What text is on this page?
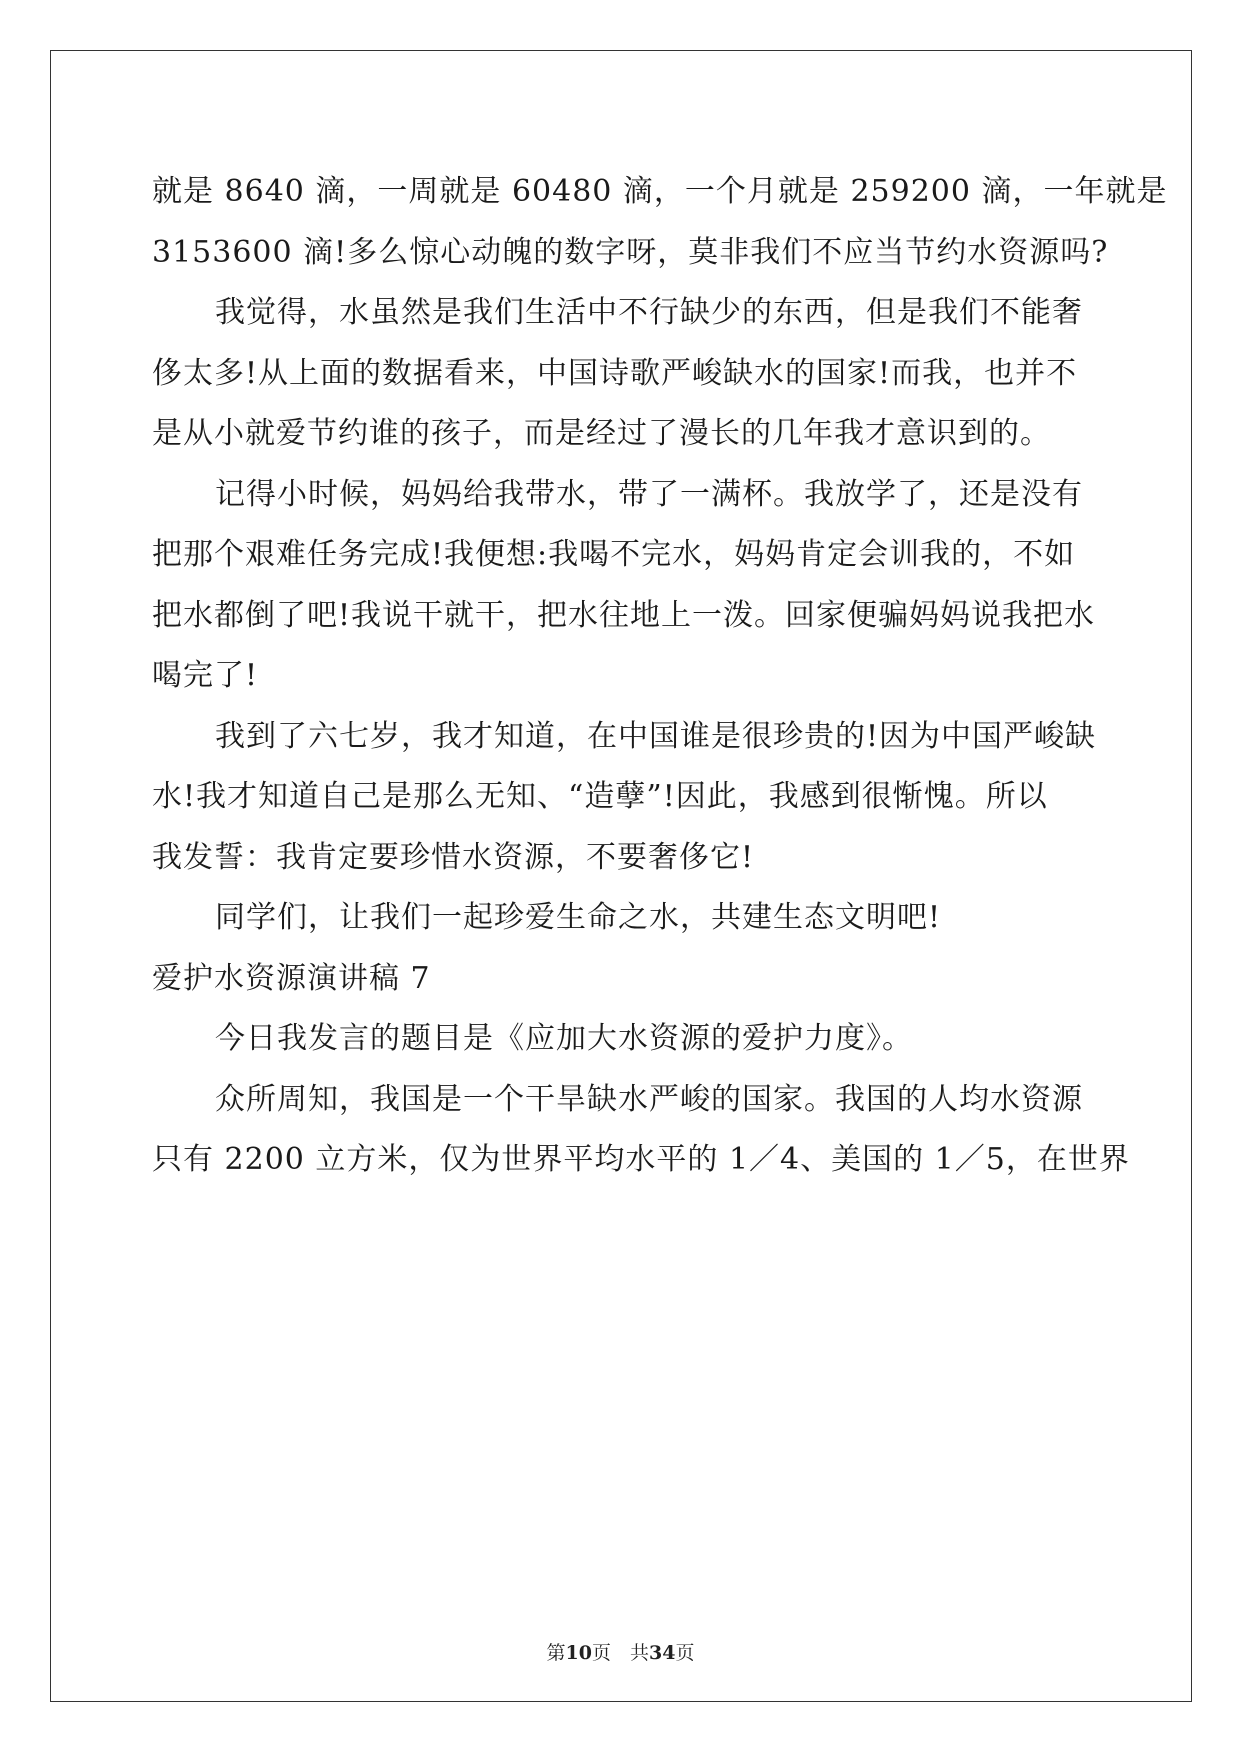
就是 8640 滴，一周就是 60480 滴，一个月就是 259200 滴，一年就是
3153600 滴!多么惊心动魄的数字呀，莫非我们不应当节约水资源吗?
我觉得，水虽然是我们生活中不行缺少的东西，但是我们不能奢
侈太多!从上面的数据看来，中国诗歌严峻缺水的国家!而我，也并不
是从小就爱节约谁的孩子，而是经过了漫长的几年我才意识到的。
记得小时候，妈妈给我带水，带了一满杯。我放学了，还是没有
把那个艰难任务完成!我便想:我喝不完水，妈妈肯定会训我的，不如
把水都倒了吧!我说干就干，把水往地上一泼。回家便骗妈妈说我把水
喝完了!
我到了六七岁，我才知道，在中国谁是很珍贵的!因为中国严峻缺
水!我才知道自己是那么无知、“造孽”!因此，我感到很惭愧。所以
我发誓：我肯定要珍惜水资源，不要奢侈它!
同学们，让我们一起珍爱生命之水，共建生态文明吧!
爱护水资源演讲稿 7
今日我发言的题目是《应加大水资源的爱护力度》。
众所周知，我国是一个干旱缺水严峻的国家。我国的人均水资源
只有 2200 立方米，仅为世界平均水平的 1／4、美国的 1／5，在世界
第10页　共34页
